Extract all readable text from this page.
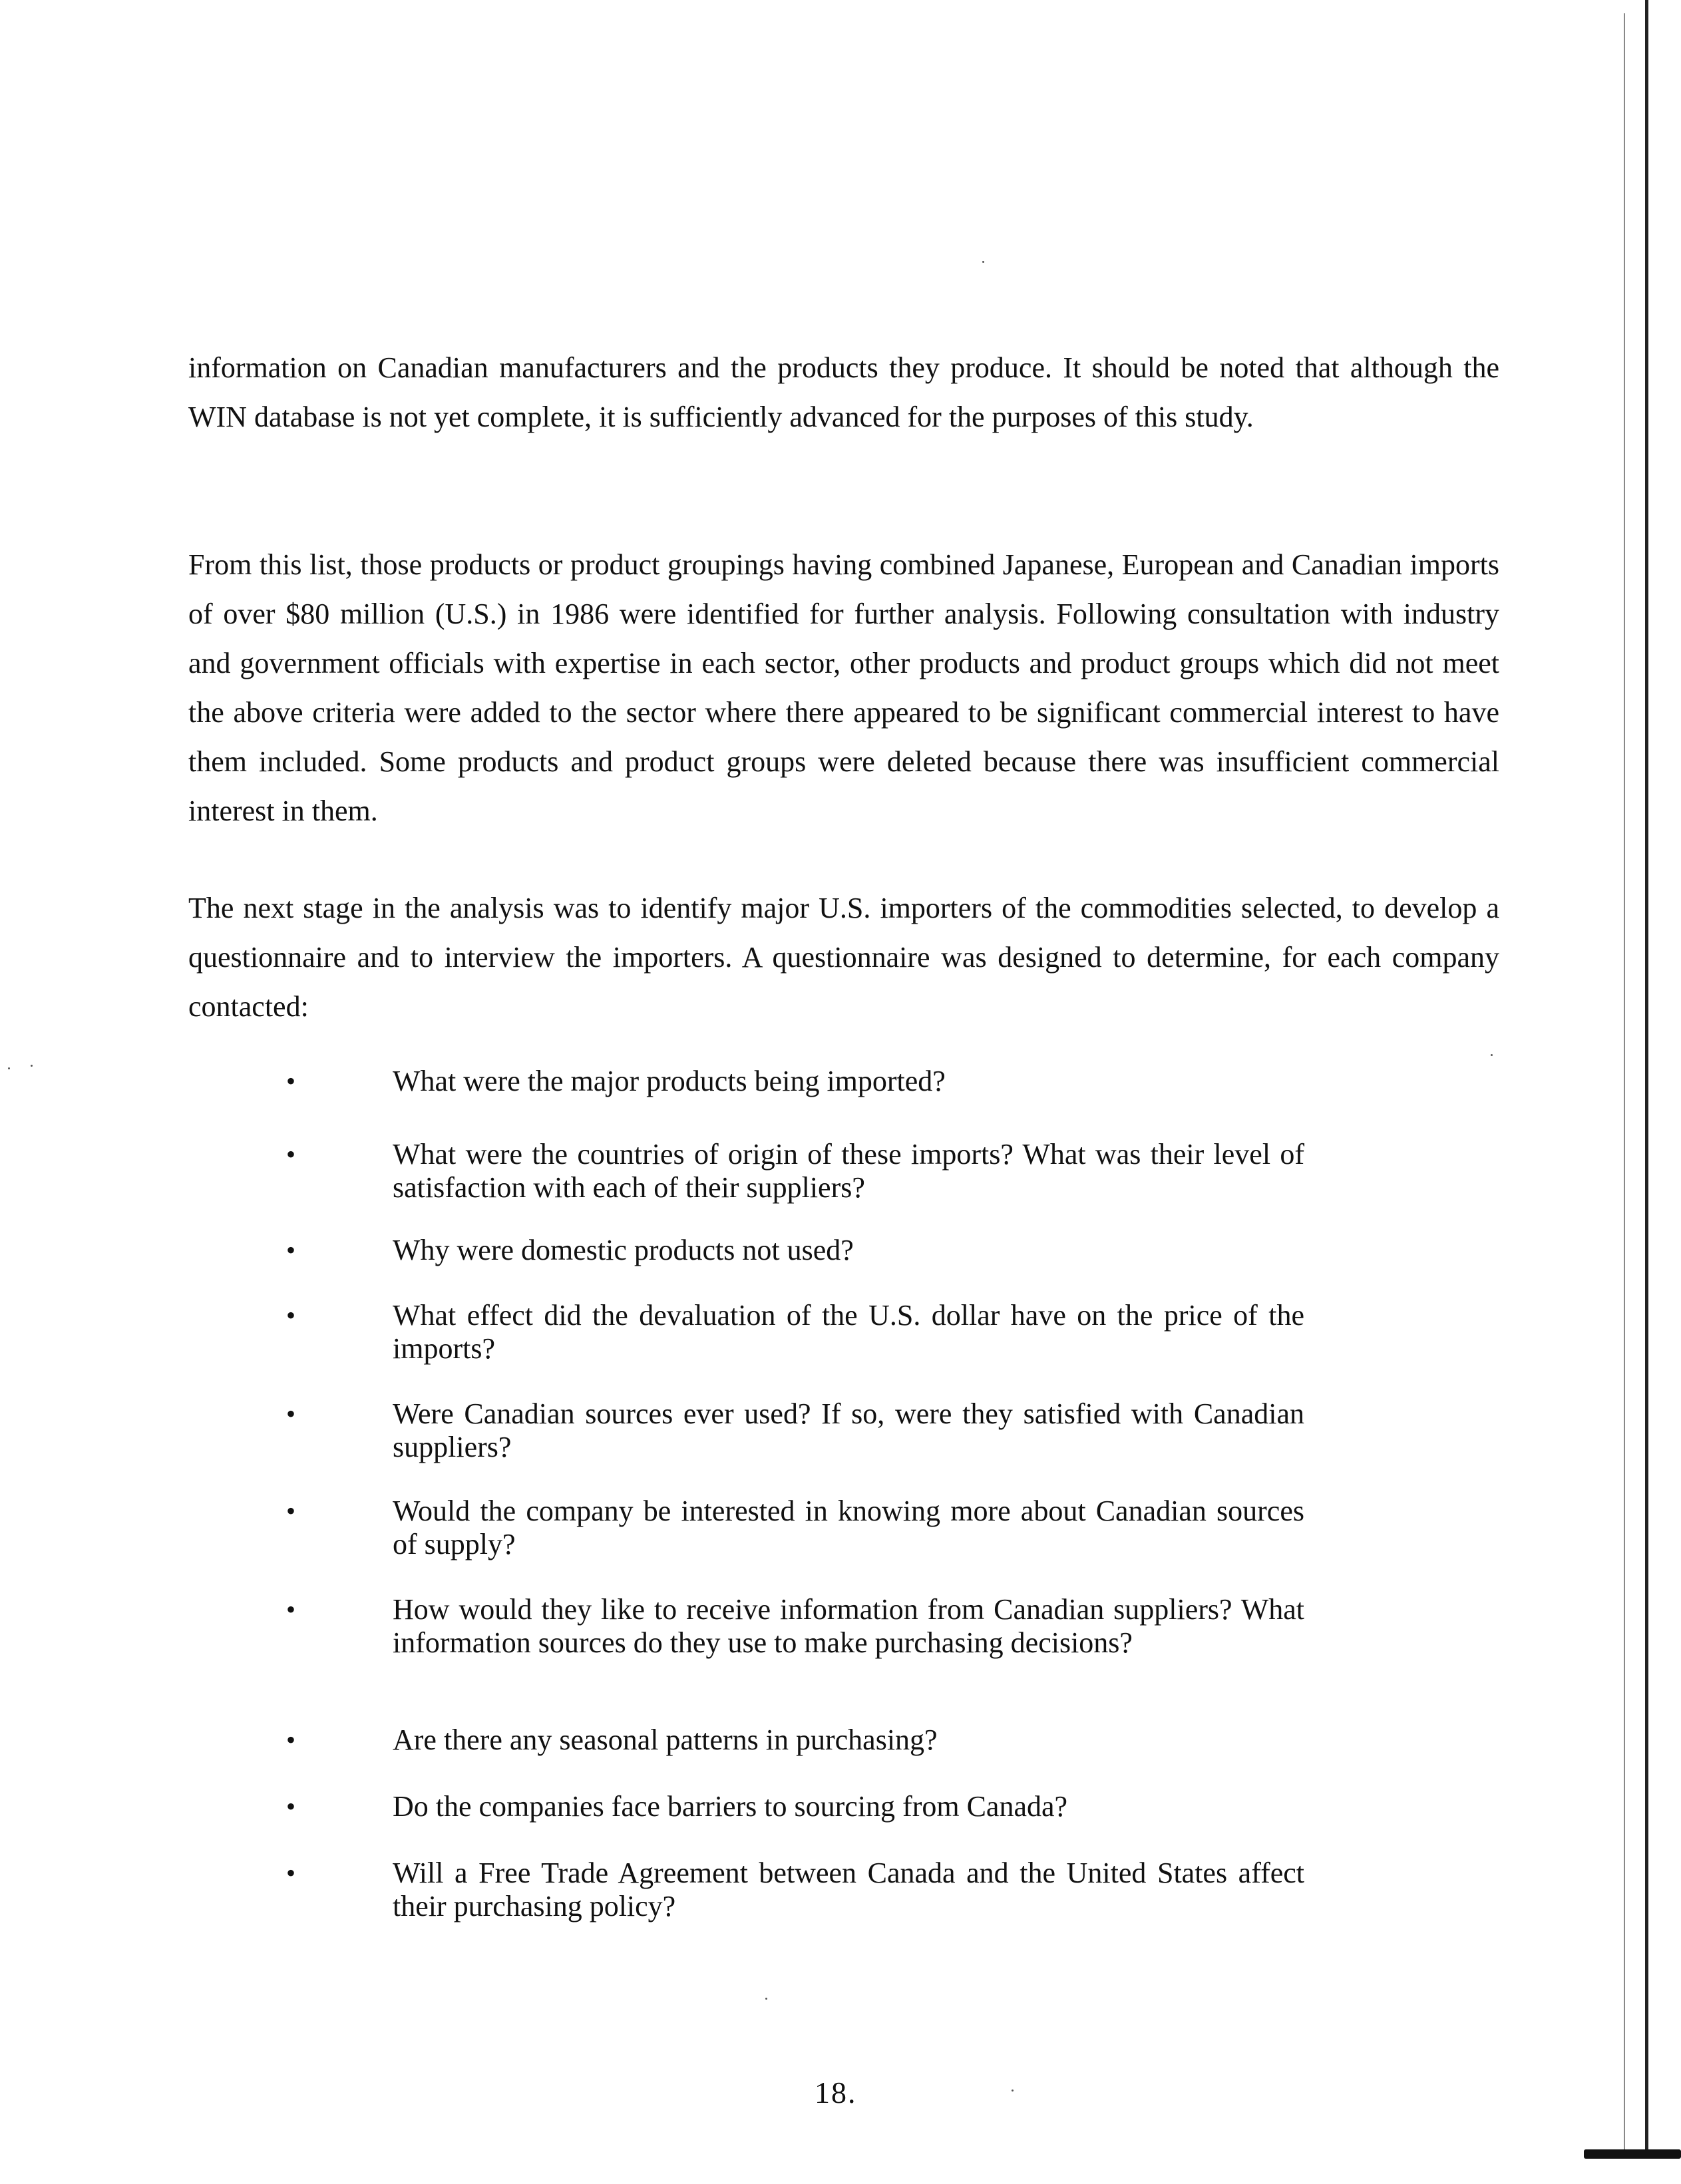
information on Canadian manufacturers and the products they produce. It should be noted that although the WIN database is not yet complete, it is sufficiently advanced for the purposes of this study.

From this list, those products or product groupings having combined Japanese, European and Canadian imports of over $80 million (U.S.) in 1986 were identified for further analysis. Following consultation with industry and government officials with expertise in each sector, other products and product groups which did not meet the above criteria were added to the sector where there appeared to be significant commercial interest to have them included. Some products and product groups were deleted because there was insufficient commercial interest in them.

The next stage in the analysis was to identify major U.S. importers of the commodities selected, to develop a questionnaire and to interview the importers. A questionnaire was designed to determine, for each company contacted:

•	What were the major products being imported?
•	What were the countries of origin of these imports? What was their level of satisfaction with each of their suppliers?
•	Why were domestic products not used?
•	What effect did the devaluation of the U.S. dollar have on the price of the imports?
•	Were Canadian sources ever used? If so, were they satisfied with Canadian suppliers?
•	Would the company be interested in knowing more about Canadian sources of supply?
•	How would they like to receive information from Canadian suppliers? What information sources do they use to make purchasing decisions?
•	Are there any seasonal patterns in purchasing?
•	Do the companies face barriers to sourcing from Canada?
•	Will a Free Trade Agreement between Canada and the United States affect their purchasing policy?
18.
